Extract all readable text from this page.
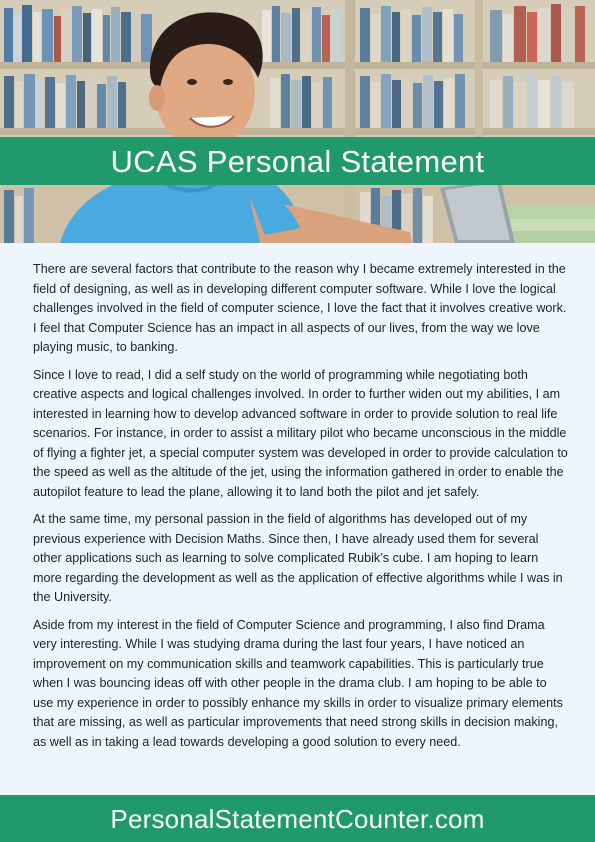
UCAS Personal Statement

There are several factors that contribute to the reason why I became extremely interested in the field of designing, as well as in developing different computer software. While I love the logical challenges involved in the field of computer science, I love the fact that it involves creative work. I feel that Computer Science has an impact in all aspects of our lives, from the way we love playing music, to banking.

Since I love to read, I did a self study on the world of programming while negotiating both creative aspects and logical challenges involved. In order to further widen out my abilities, I am interested in learning how to develop advanced software in order to provide solution to real life scenarios. For instance, in order to assist a military pilot who became unconscious in the middle of flying a fighter jet, a special computer system was developed in order to provide calculation to the speed as well as the altitude of the jet, using the information gathered in order to enable the autopilot feature to lead the plane, allowing it to land both the pilot and jet safely.

At the same time, my personal passion in the field of algorithms has developed out of my previous experience with Decision Maths. Since then, I have already used them for several other applications such as learning to solve complicated Rubik’s cube. I am hoping to learn more regarding the development as well as the application of effective algorithms while I was in the University.

Aside from my interest in the field of Computer Science and programming, I also find Drama very interesting. While I was studying drama during the last four years, I have noticed an improvement on my communication skills and teamwork capabilities. This is particularly true when I was bouncing ideas off with other people in the drama club. I am hoping to be able to use my experience in order to possibly enhance my skills in order to visualize primary elements that are missing, as well as particular improvements that need strong skills in decision making, as well as in taking a lead towards developing a good solution to every need.

PersonalStatementCounter.com
